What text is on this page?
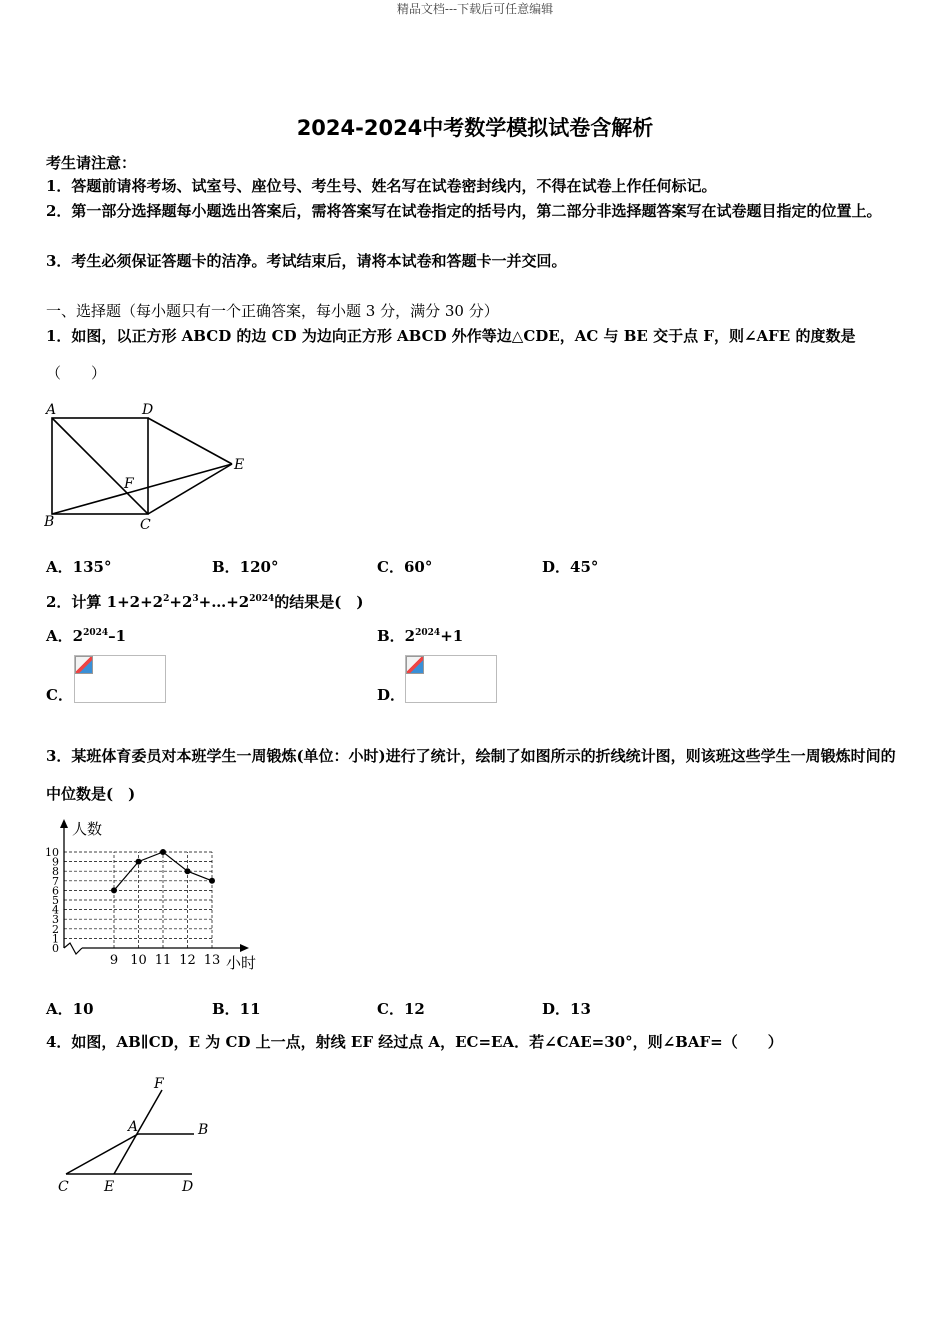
精品文档---下载后可任意编辑
2024-2024中考数学模拟试卷含解析
考生请注意：
1．答题前请将考场、试室号、座位号、考生号、姓名写在试卷密封线内，不得在试卷上作任何标记。
2．第一部分选择题每小题选出答案后，需将答案写在试卷指定的括号内，第二部分非选择题答案写在试卷题目指定的位置上。
3．考生必须保证答题卡的洁净。考试结束后，请将本试卷和答题卡一并交回。
一、选择题（每小题只有一个正确答案，每小题 3 分，满分 30 分）
1．如图，以正方形 ABCD 的边 CD 为边向正方形 ABCD 外作等边△CDE，AC 与 BE 交于点 F，则∠AFE 的度数是
（　　）
A	D
E
F
B	C
A．135°	B．120°	C．60°	D．45°
2．计算 $1+2+2^2+2^3+\dots+2^{2024}$的结果是(　)
A．$2^{2024}-1$	B．$2^{2024}+1$
C．	D．
3．某班体育委员对本班学生一周锻炼(单位：小时)进行了统计，绘制了如图所示的折线统计图，则该班这些学生一周锻炼时间的中位数是(　)
人数
小时
0
1
2
3
4
5
6
7
8
9
10
9 10 11 12 13
A．10	B．11	C．12	D．13
4．如图，AB∥CD，E 为 CD 上一点，射线 EF 经过点 A，EC=EA．若∠CAE=30°，则∠BAF=（　　）
F
A	B
C	E	D
